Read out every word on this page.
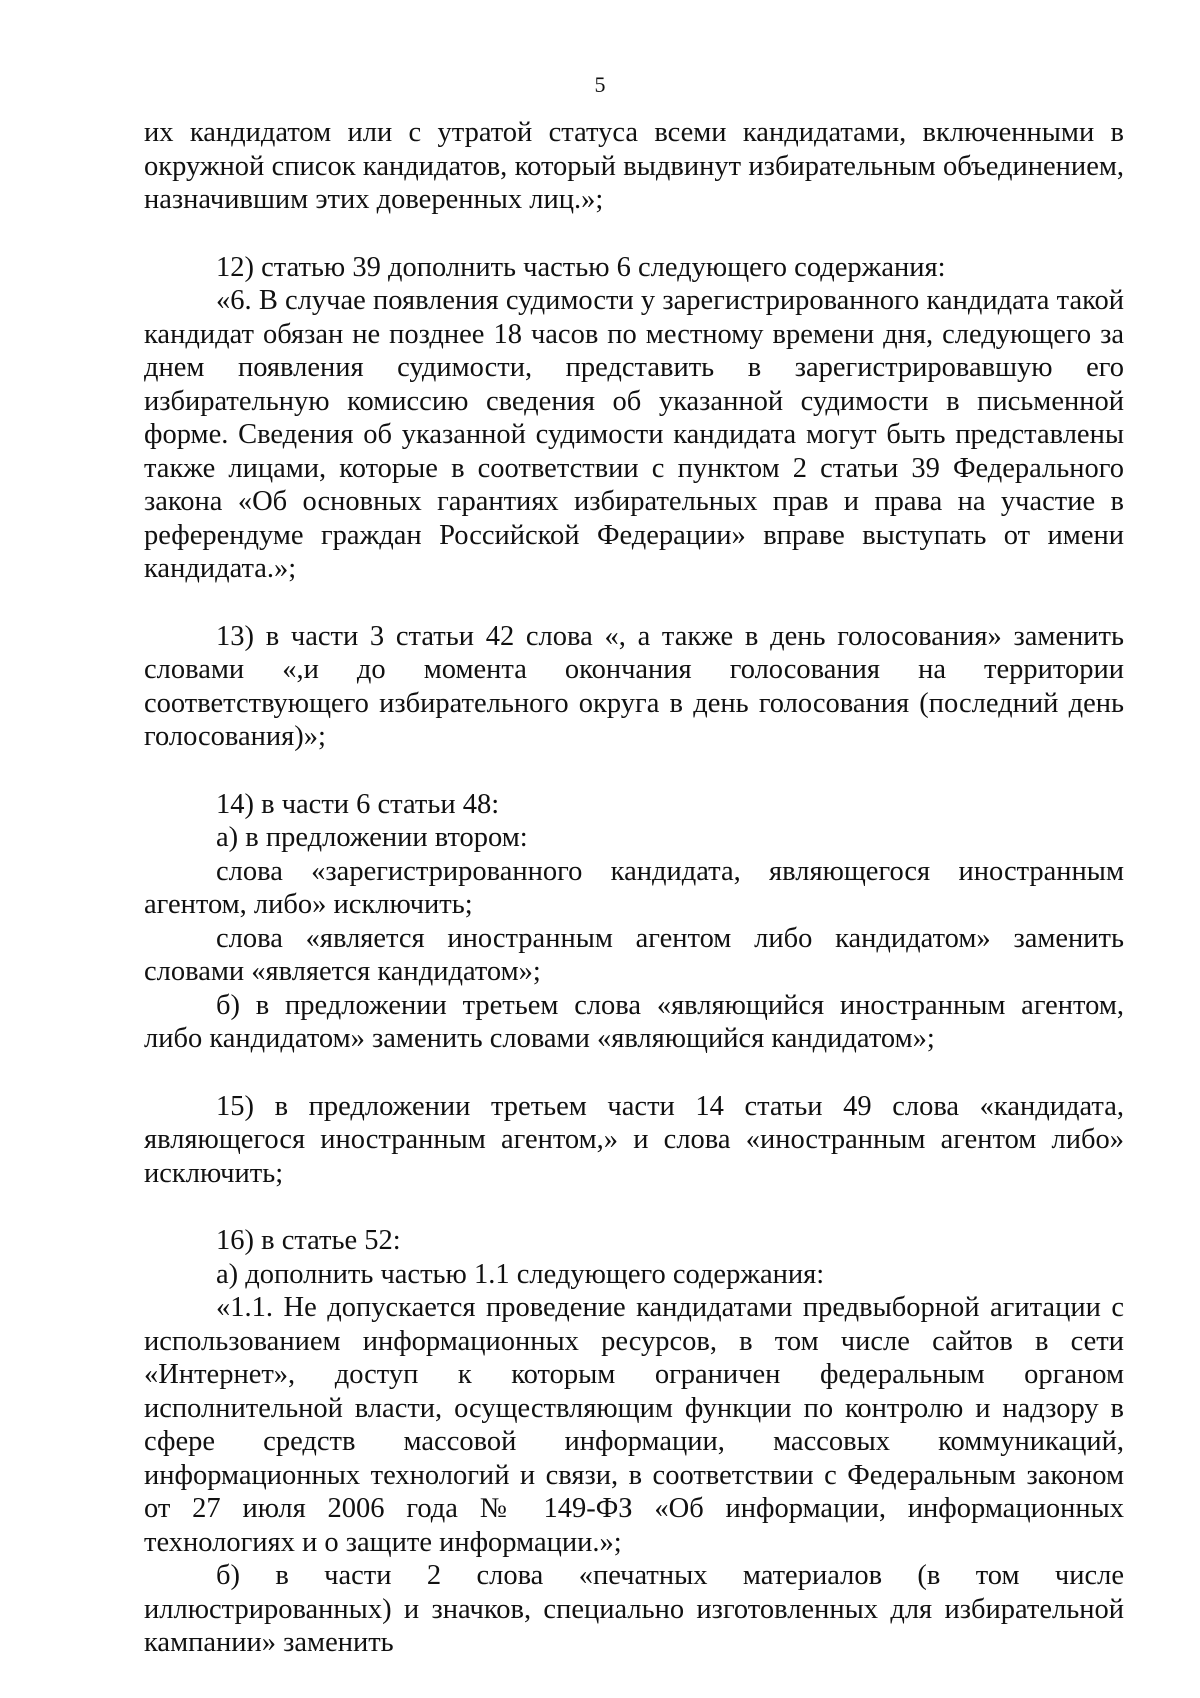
5

их кандидатом или с утратой статуса всеми кандидатами, включенными в окружной список кандидатов, который выдвинут избирательным объединением, назначившим этих доверенных лиц.»;

12) статью 39 дополнить частью 6 следующего содержания:

«6. В случае появления судимости у зарегистрированного кандидата такой кандидат обязан не позднее 18 часов по местному времени дня, следующего за днем появления судимости, представить в зарегистрировавшую его избирательную комиссию сведения об указанной судимости в письменной форме. Сведения об указанной судимости кандидата могут быть представлены также лицами, которые в соответствии с пунктом 2 статьи 39 Федерального закона «Об основных гарантиях избирательных прав и права на участие в референдуме граждан Российской Федерации» вправе выступать от имени кандидата.»;

13) в части 3 статьи 42 слова «, а также в день голосования» заменить словами «,и до момента окончания голосования на территории соответствующего избирательного округа в день голосования (последний день голосования)»;

14) в части 6 статьи 48:

а) в предложении втором:

слова «зарегистрированного кандидата, являющегося иностранным агентом, либо» исключить;

слова «является иностранным агентом либо кандидатом» заменить словами «является кандидатом»;

б) в предложении третьем слова «являющийся иностранным агентом, либо кандидатом» заменить словами «являющийся кандидатом»;

15) в предложении третьем части 14 статьи 49 слова «кандидата, являющегося иностранным агентом,» и слова «иностранным агентом либо» исключить;

16) в статье 52:

а) дополнить частью 1.1 следующего содержания:

«1.1. Не допускается проведение кандидатами предвыборной агитации с использованием информационных ресурсов, в том числе сайтов в сети «Интернет», доступ к которым ограничен федеральным органом исполнительной власти, осуществляющим функции по контролю и надзору в сфере средств массовой информации, массовых коммуникаций, информационных технологий и связи, в соответствии с Федеральным законом от 27 июля 2006 года № 149-ФЗ «Об информации, информационных технологиях и о защите информации.»;

б) в части 2 слова «печатных материалов (в том числе иллюстрированных) и значков, специально изготовленных для избирательной кампании» заменить
